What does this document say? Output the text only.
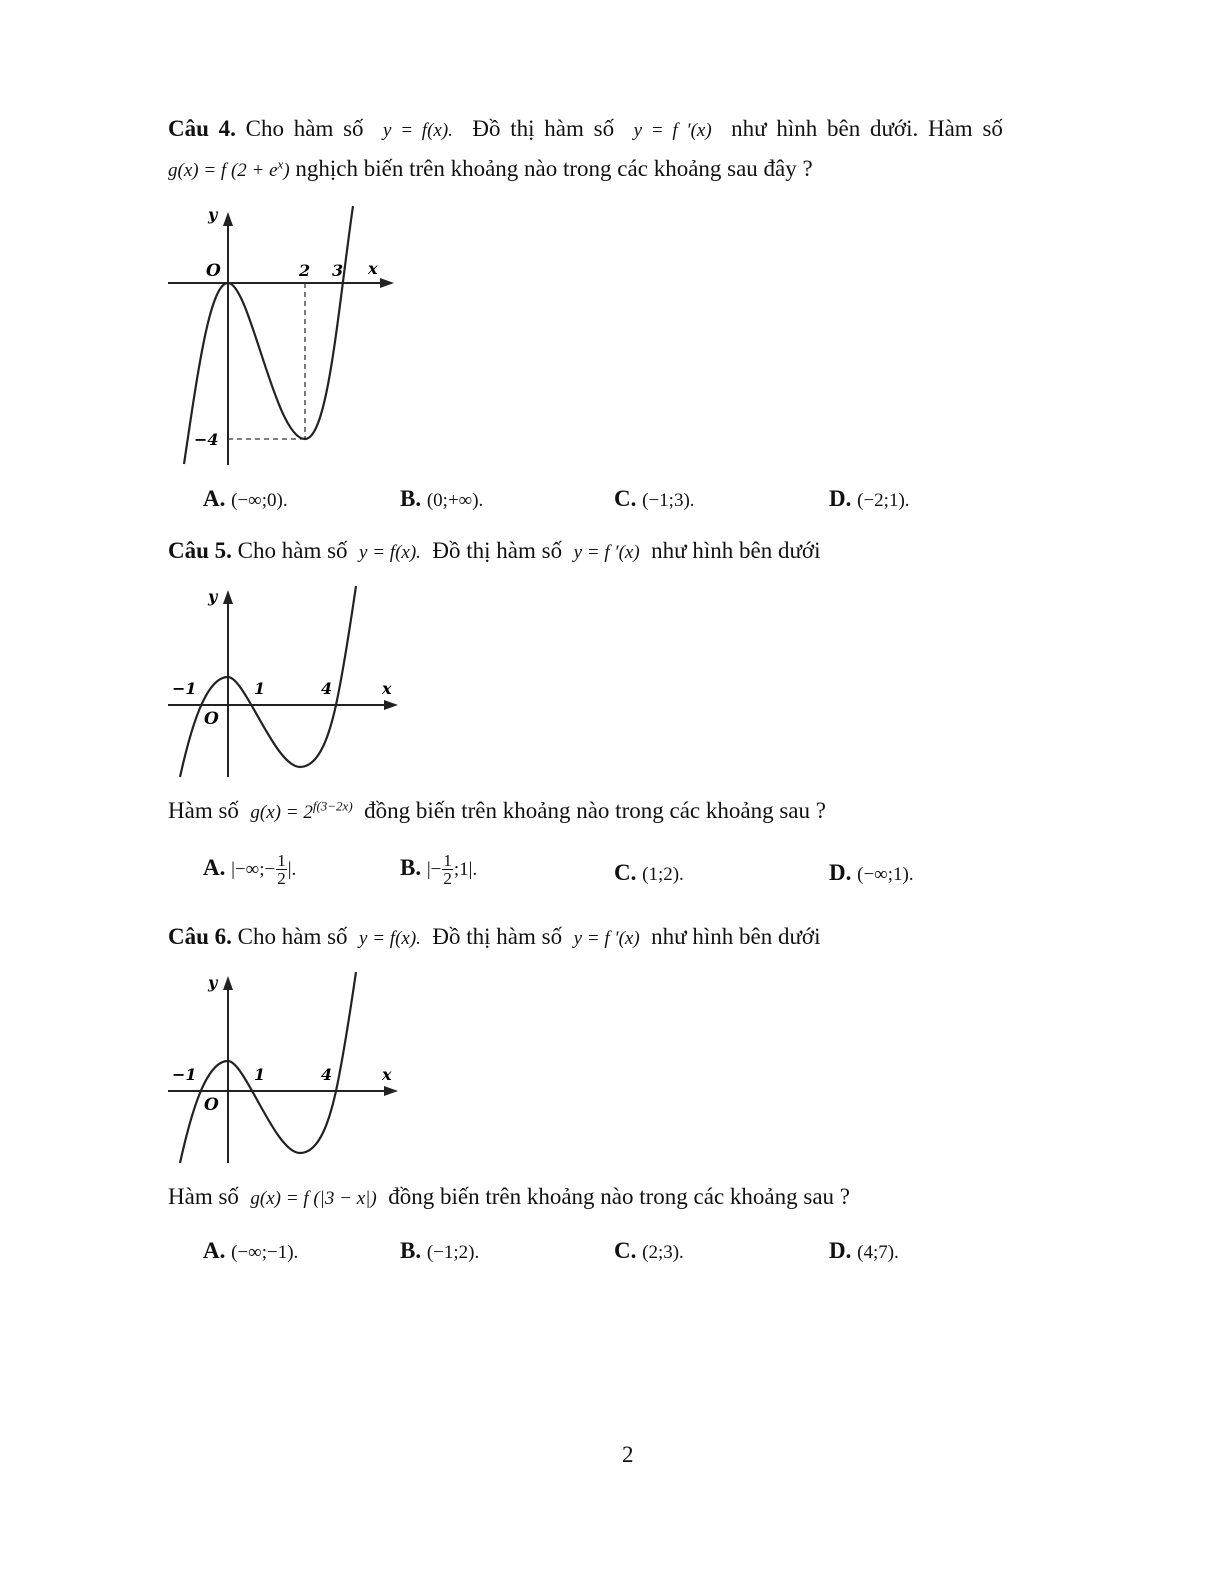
Câu 4. Cho hàm số y = f(x). Đồ thị hàm số y = f ′(x) như hình bên dưới. Hàm số
g(x) = f $(2 + e^x)$ nghịch biến trên khoảng nào trong các khoảng sau đây ?
y
x
O	2 3
−4
A. (−∞;0).	B. (0;+∞).	C. (−1;3).	D. (−2;1).
Câu 5. Cho hàm số y = f(x). Đồ thị hàm số y = f ′(x) như hình bên dưới
y
x
O
−1	1	4
Hàm số $g(x) = 2^{f(3-2x)}$ đồng biến trên khoảng nào trong các khoảng sau ?
A. |−∞;− $\frac{1}{2}$ |.	B. |− $\frac{1}{2}$ ;1|.	C. (1;2).	D. (−∞;1).
Câu 6. Cho hàm số y = f(x). Đồ thị hàm số y = f ′(x) như hình bên dưới
y
x
O
−1	1	4
Hàm số g(x) = f (|3 − x|) đồng biến trên khoảng nào trong các khoảng sau ?
A. (−∞;−1).	B. (−1;2).	C. (2;3).	D. (4;7).
2
